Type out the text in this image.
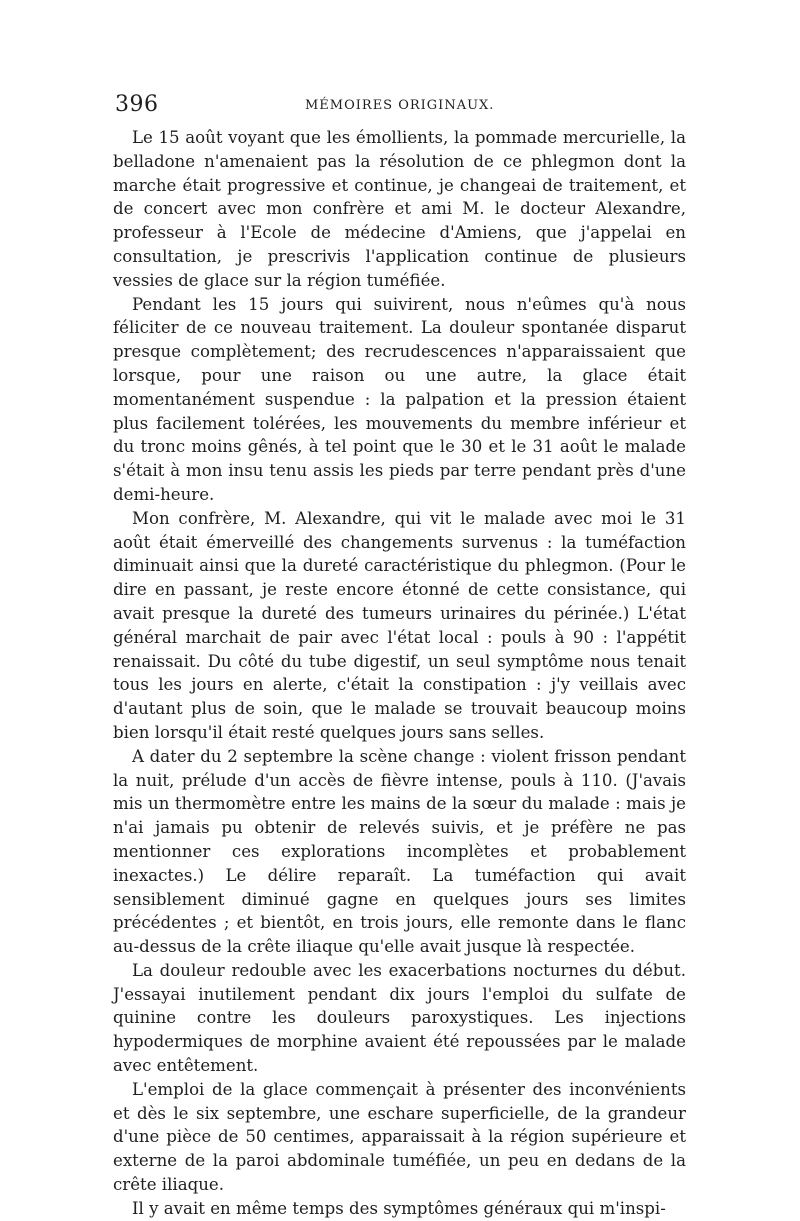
396	MÉMOIRES ORIGINAUX.

Le 15 août voyant que les émollients, la pommade mercurielle, la belladone n'amenaient pas la résolution de ce phlegmon dont la marche était progressive et continue, je changeai de traitement, et de concert avec mon confrère et ami M. le docteur Alexandre, professeur à l'Ecole de médecine d'Amiens, que j'appelai en consultation, je prescrivis l'application continue de plusieurs vessies de glace sur la région tuméfiée.

Pendant les 15 jours qui suivirent, nous n'eûmes qu'à nous féliciter de ce nouveau traitement. La douleur spontanée disparut presque complètement; des recrudescences n'apparaissaient que lorsque, pour une raison ou une autre, la glace était momentanément suspendue : la palpation et la pression étaient plus facilement tolérées, les mouvements du membre inférieur et du tronc moins gênés, à tel point que le 30 et le 31 août le malade s'était à mon insu tenu assis les pieds par terre pendant près d'une demi-heure.

Mon confrère, M. Alexandre, qui vit le malade avec moi le 31 août était émerveillé des changements survenus : la tuméfaction diminuait ainsi que la dureté caractéristique du phlegmon. (Pour le dire en passant, je reste encore étonné de cette consistance, qui avait presque la dureté des tumeurs urinaires du périnée.) L'état général marchait de pair avec l'état local : pouls à 90 : l'appétit renaissait. Du côté du tube digestif, un seul symptôme nous tenait tous les jours en alerte, c'était la constipation : j'y veillais avec d'autant plus de soin, que le malade se trouvait beaucoup moins bien lorsqu'il était resté quelques jours sans selles.

A dater du 2 septembre la scène change : violent frisson pendant la nuit, prélude d'un accès de fièvre intense, pouls à 110. (J'avais mis un thermomètre entre les mains de la sœur du malade : mais je n'ai jamais pu obtenir de relevés suivis, et je préfère ne pas mentionner ces explorations incomplètes et probablement inexactes.) Le délire reparaît. La tuméfaction qui avait sensiblement diminué gagne en quelques jours ses limites précédentes ; et bientôt, en trois jours, elle remonte dans le flanc au-dessus de la crête iliaque qu'elle avait jusque là respectée.

La douleur redouble avec les exacerbations nocturnes du début. J'essayai inutilement pendant dix jours l'emploi du sulfate de quinine contre les douleurs paroxystiques. Les injections hypodermiques de morphine avaient été repoussées par le malade avec entêtement.

L'emploi de la glace commençait à présenter des inconvénients et dès le six septembre, une eschare superficielle, de la grandeur d'une pièce de 50 centimes, apparaissait à la région supérieure et externe de la paroi abdominale tuméfiée, un peu en dedans de la crête iliaque.

Il y avait en même temps des symptômes généraux qui m'inspi-
